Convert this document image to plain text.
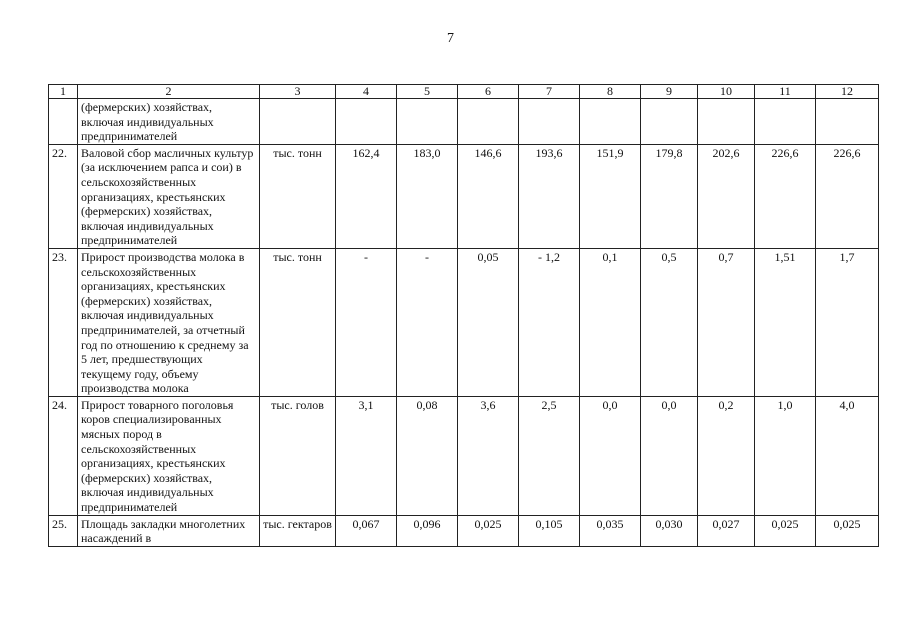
7
1	2	3	4	5	6	7	8	9	10	11	12
	(фермерских) хозяйствах, включая индивидуальных предпринимателей										
22.	Валовой сбор масличных культур (за исключением рапса и сои) в сельскохозяйственных организациях, крестьянских (фермерских) хозяйствах, включая индивидуальных предпринимателей	тыс. тонн	162,4	183,0	146,6	193,6	151,9	179,8	202,6	226,6	226,6
23.	Прирост производства молока в сельскохозяйственных организациях, крестьянских (фермерских) хозяйствах, включая индивидуальных предпринимателей, за отчетный год по отношению к среднему за 5 лет, предшествующих текущему году, объему производства молока	тыс. тонн	-	-	0,05	- 1,2	0,1	0,5	0,7	1,51	1,7
24.	Прирост товарного поголовья коров специализированных мясных пород в сельскохозяйственных организациях, крестьянских (фермерских) хозяйствах, включая индивидуальных предпринимателей	тыс. голов	3,1	0,08	3,6	2,5	0,0	0,0	0,2	1,0	4,0
25.	Площадь закладки многолетних насаждений в	тыс. гектаров	0,067	0,096	0,025	0,105	0,035	0,030	0,027	0,025	0,025
